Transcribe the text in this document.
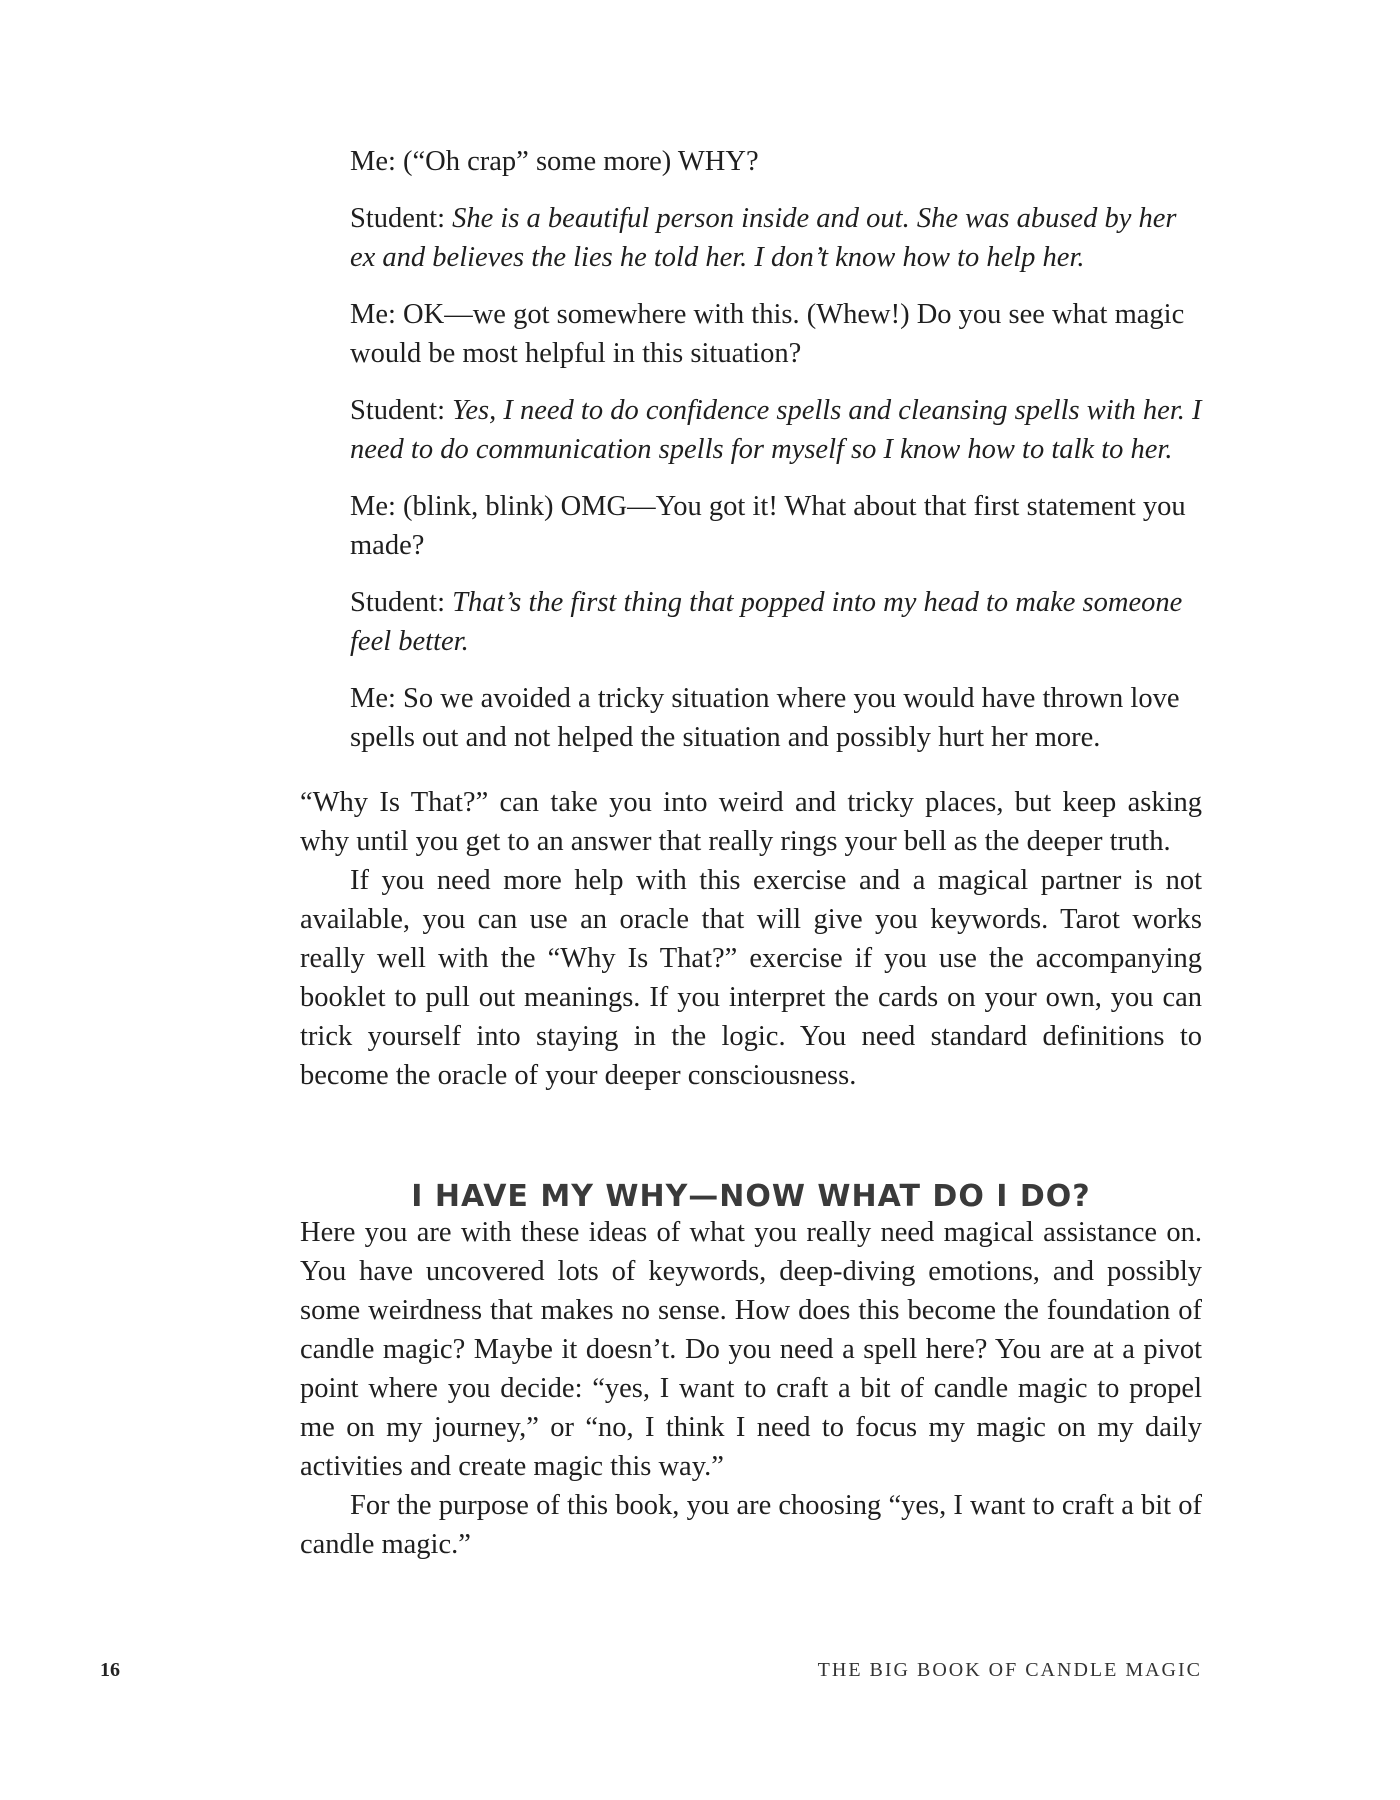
Me: (“Oh crap” some more) WHY?

Student: She is a beautiful person inside and out. She was abused by her ex and believes the lies he told her. I don’t know how to help her.

Me: OK—we got somewhere with this. (Whew!) Do you see what magic would be most helpful in this situation?

Student: Yes, I need to do confidence spells and cleansing spells with her. I need to do communication spells for myself so I know how to talk to her.

Me: (blink, blink) OMG—You got it! What about that first statement you made?

Student: That’s the first thing that popped into my head to make someone feel better.

Me: So we avoided a tricky situation where you would have thrown love spells out and not helped the situation and possibly hurt her more.

“Why Is That?” can take you into weird and tricky places, but keep asking why until you get to an answer that really rings your bell as the deeper truth.

If you need more help with this exercise and a magical partner is not available, you can use an oracle that will give you keywords. Tarot works really well with the “Why Is That?” exercise if you use the accompanying booklet to pull out meanings. If you interpret the cards on your own, you can trick yourself into staying in the logic. You need standard definitions to become the oracle of your deeper consciousness.

I HAVE MY WHY—NOW WHAT DO I DO?

Here you are with these ideas of what you really need magical assistance on. You have uncovered lots of keywords, deep-diving emotions, and possibly some weirdness that makes no sense. How does this become the foundation of candle magic? Maybe it doesn’t. Do you need a spell here? You are at a pivot point where you decide: “yes, I want to craft a bit of candle magic to propel me on my journey,” or “no, I think I need to focus my magic on my daily activities and create magic this way.”

For the purpose of this book, you are choosing “yes, I want to craft a bit of candle magic.”

16	THE BIG BOOK OF CANDLE MAGIC
